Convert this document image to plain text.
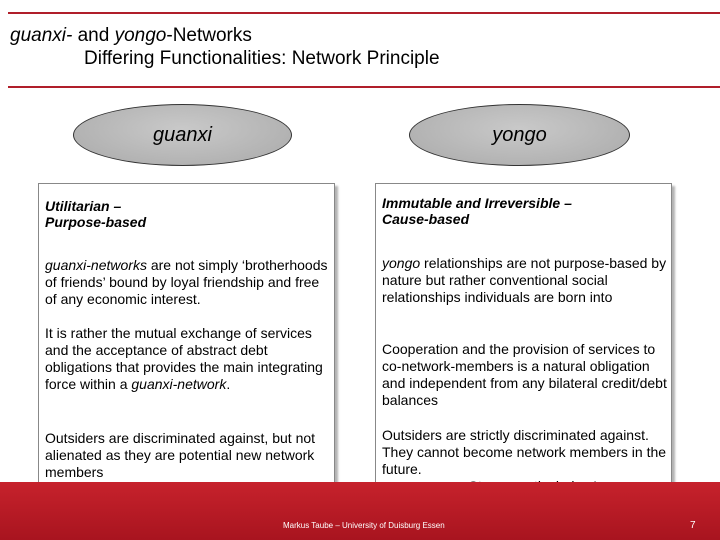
guanxi- and yongo-Networks
Differing Functionalities: Network Principle
guanxi
Utilitarian –
Purpose-based
guanxi-networks are not simply ‘brotherhoods of friends’ bound by loyal friendship and free of any economic interest.
It is rather the mutual exchange of services and the acceptance of abstract debt obligations that provides the main integrating force within a guanxi-network.
Outsiders are discriminated against, but not alienated as they are potential new network members
yongo
Immutable and Irreversible –
Cause-based
yongo relationships are not purpose-based by nature but rather conventional social relationships individuals are born into
Cooperation and the provision of services to co-network-members is a natural obligation and independent from any bilateral credit/debt balances
Outsiders are strictly discriminated against. They cannot become network members in the future.
Markus Taube – University of Duisburg Essen	7
